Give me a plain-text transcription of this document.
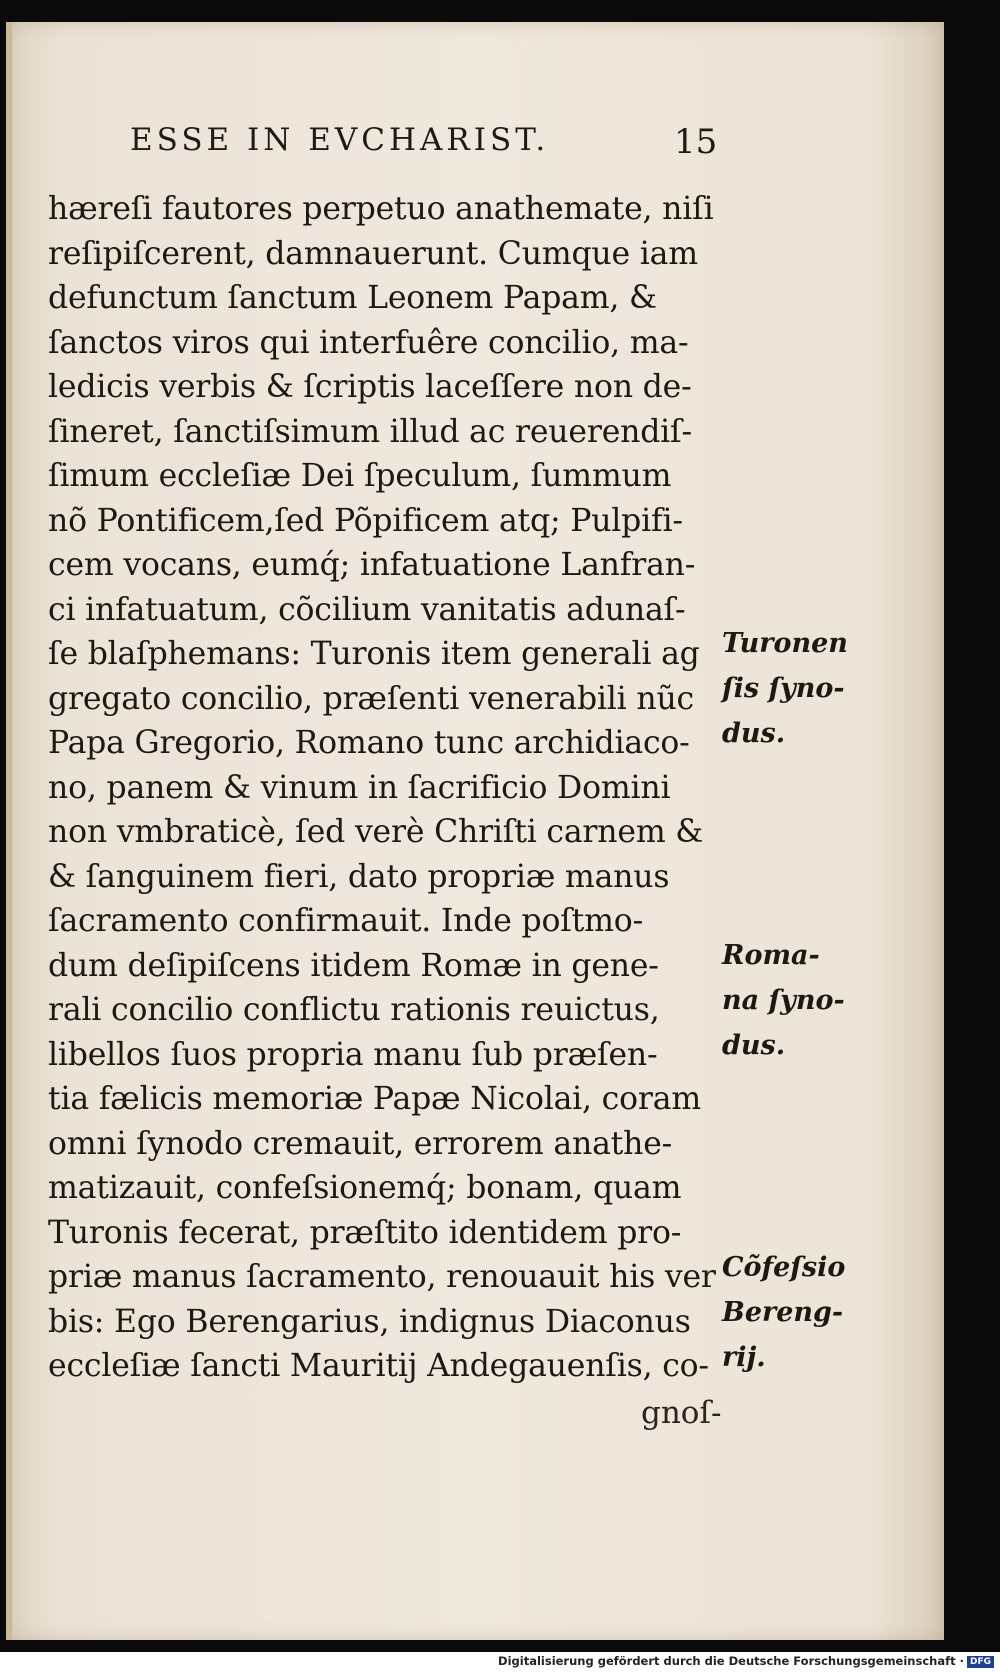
ESSE IN EVCHARIST.	15
hæreſi fautores perpetuo anathemate, niſi
reſipiſcerent, damnauerunt. Cumque iam
defunctum ſanctum Leonem Papam, &
ſanctos viros qui interfuêre concilio, ma-
ledicis verbis & ſcriptis laceſſere non de-
ſineret, ſanctiſsimum illud ac reuerendiſ-
ſimum eccleſiæ Dei ſpeculum, ſummum
nõ Pontificem,ſed Põpificem atq; Pulpifi-
cem vocans, eumq́; infatuatione Lanfran-
ci infatuatum, cõcilium vanitatis adunaſ-
ſe blaſphemans: Turonis item generali ag
gregato concilio, præſenti venerabili nũc
Papa Gregorio, Romano tunc archidiaco-
no, panem & vinum in ſacrificio Domini
non vmbraticè, ſed verè Chriſti carnem &
& ſanguinem fieri, dato propriæ manus
ſacramento confirmauit. Inde poſtmo-
dum deſipiſcens itidem Romæ in gene-
rali concilio conflictu rationis reuictus,
libellos ſuos propria manu ſub præſen-
tia fælicis memoriæ Papæ Nicolai, coram
omni ſynodo cremauit, errorem anathe-
matizauit, confeſsionemq́; bonam, quam
Turonis fecerat, præſtito identidem pro-
priæ manus ſacramento, renouauit his ver
bis: Ego Berengarius, indignus Diaconus
eccleſiæ ſancti Mauritij Andegauenſis, co-
Turonen
ſis ſyno-
dus.
Roma-
na ſyno-
dus.
Cõfeſsio
Bereng-
rij.
gnoſ-
Digitalisierung gefördert durch die Deutsche Forschungsgemeinschaft · DFG
